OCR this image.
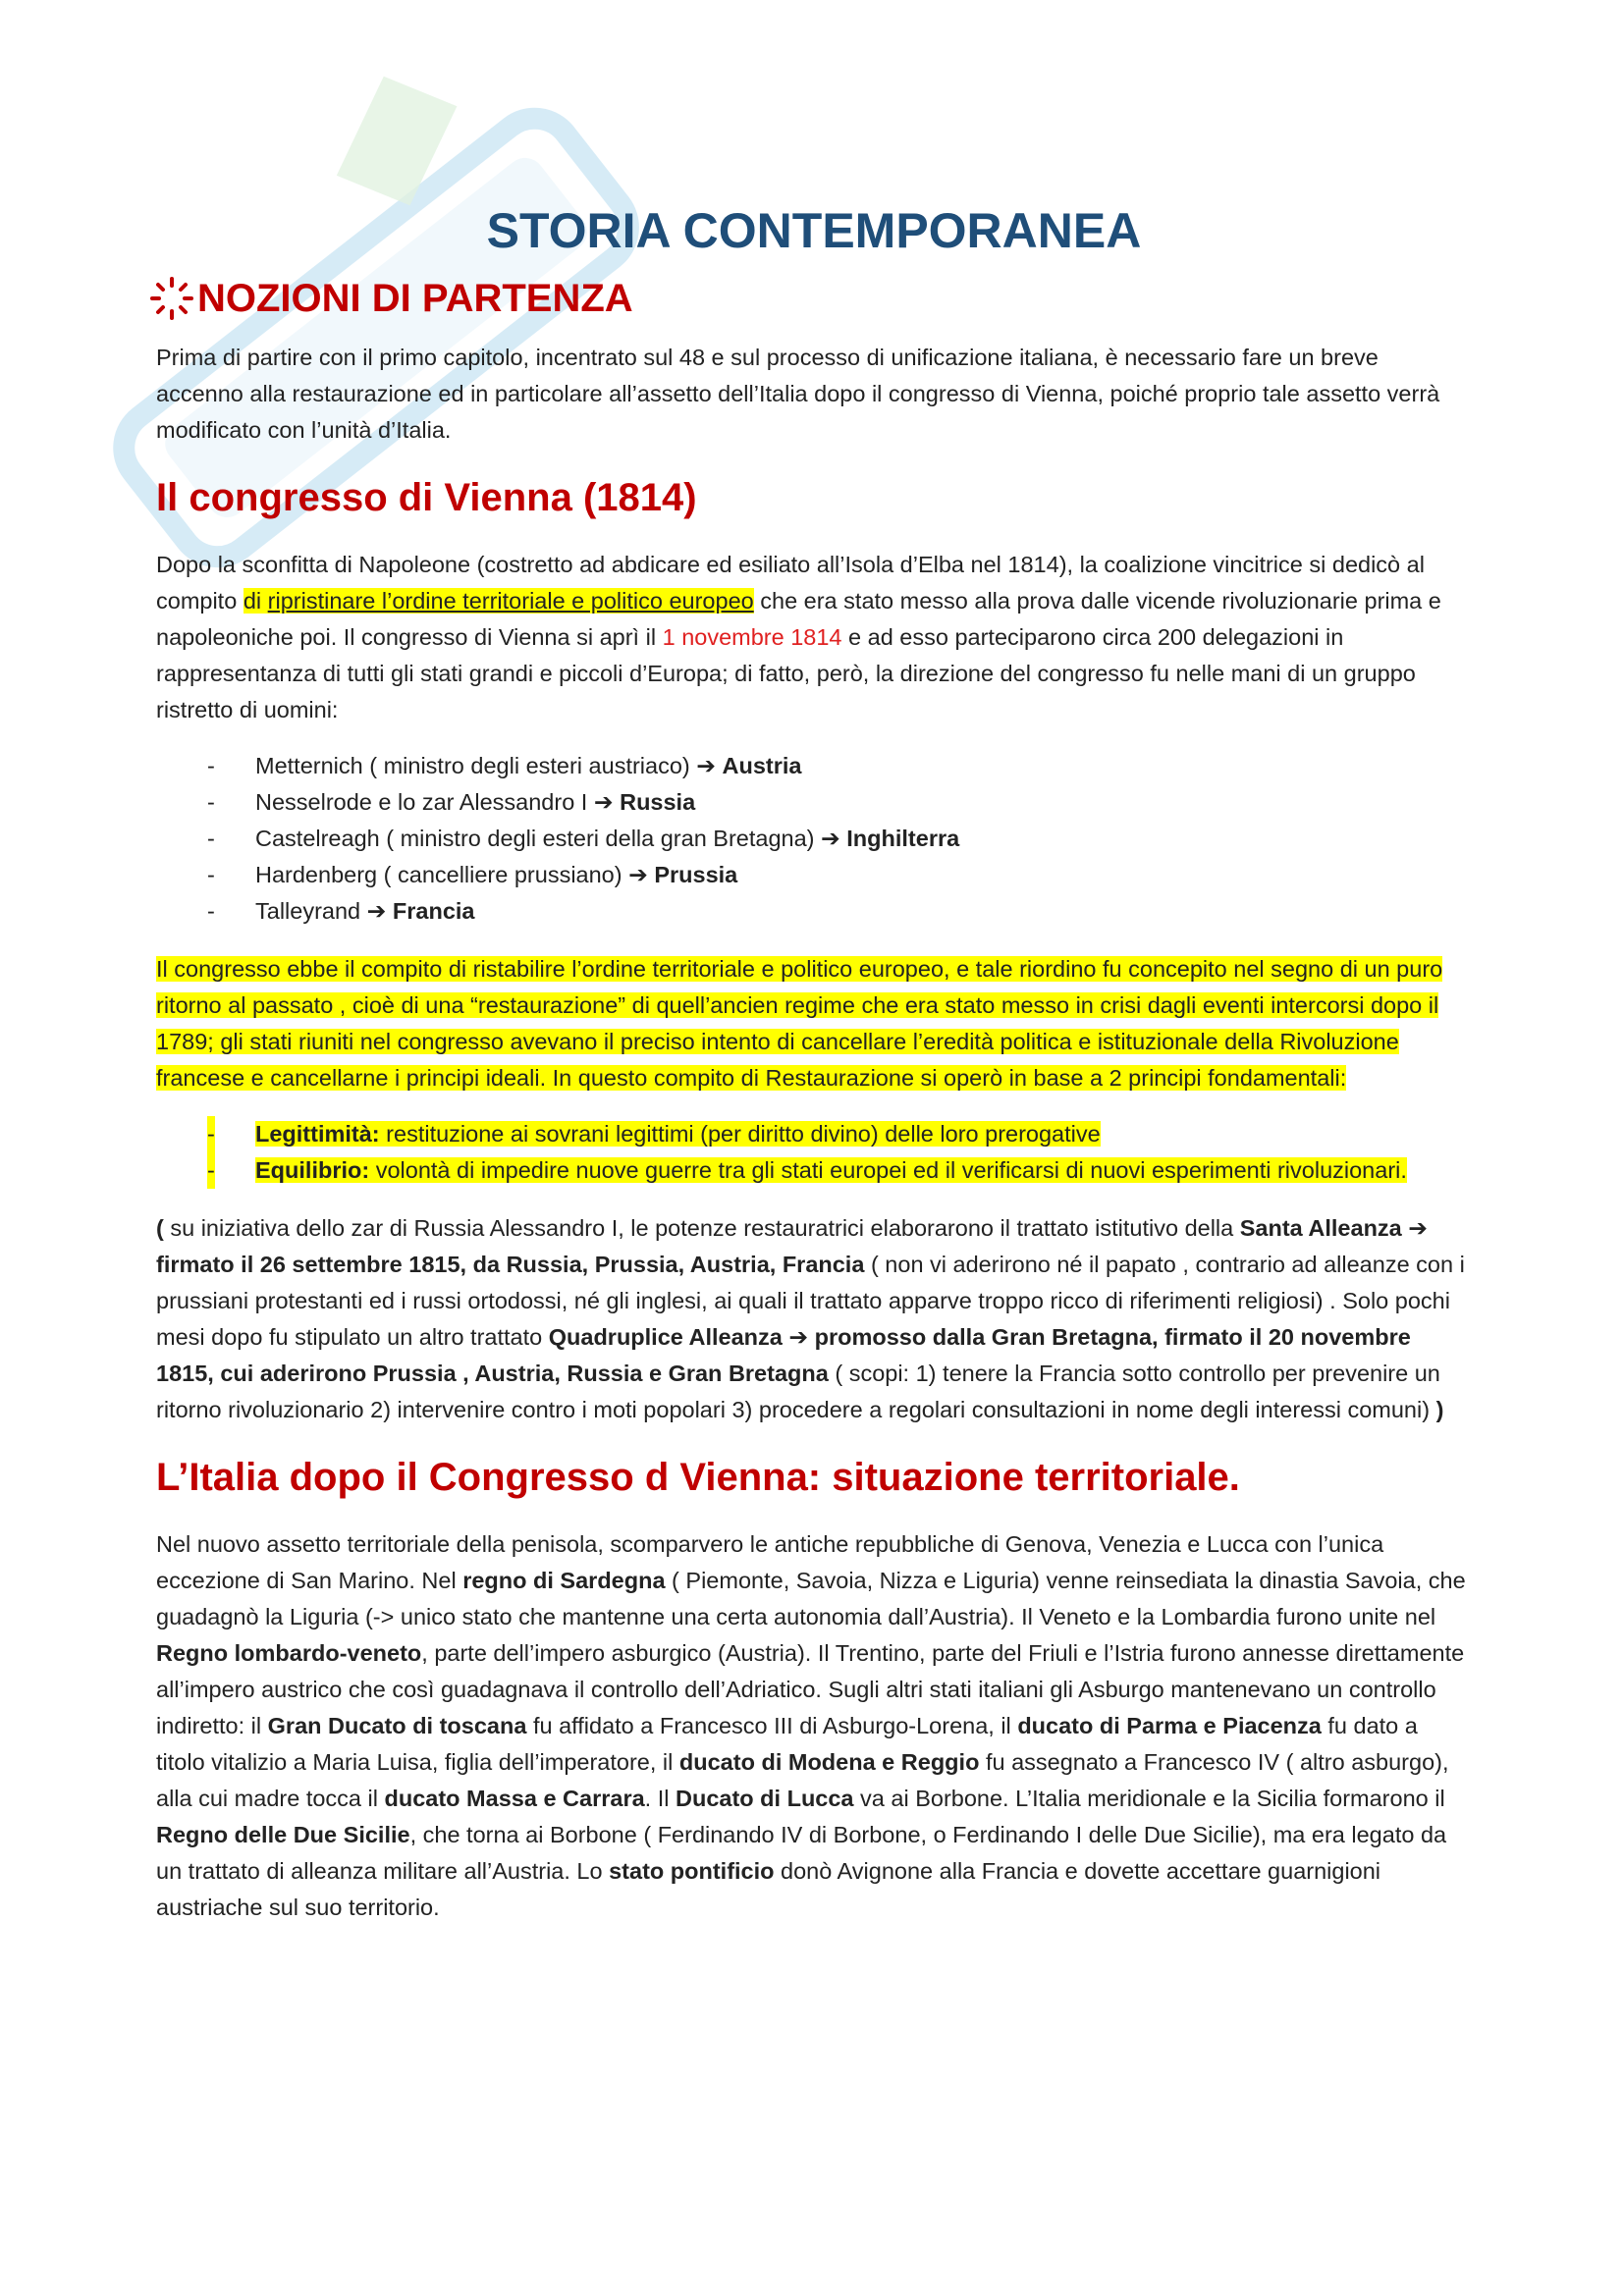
STORIA CONTEMPORANEA
NOZIONI DI PARTENZA

Prima di partire con il primo capitolo, incentrato sul 48 e sul processo di unificazione italiana, è necessario fare un breve accenno alla restaurazione ed in particolare all’assetto dell’Italia dopo il congresso di Vienna, poiché proprio tale assetto verrà modificato con l’unità d’Italia.

Il congresso di Vienna (1814)

Dopo la sconfitta di Napoleone (costretto ad abdicare ed esiliato all’Isola d’Elba nel 1814), la coalizione vincitrice si dedicò al compito di ripristinare l’ordine territoriale e politico europeo che era stato messo alla prova dalle vicende rivoluzionarie prima e napoleoniche poi. Il congresso di Vienna si aprì il 1 novembre 1814 e ad esso parteciparono circa 200 delegazioni in rappresentanza di tutti gli stati grandi e piccoli d’Europa; di fatto, però, la direzione del congresso fu nelle mani di un gruppo ristretto di uomini:

- Metternich ( ministro degli esteri austriaco) ➔ Austria
- Nesselrode e lo zar Alessandro I ➔ Russia
- Castelreagh ( ministro degli esteri della gran Bretagna) ➔ Inghilterra
- Hardenberg ( cancelliere prussiano) ➔ Prussia
- Talleyrand ➔ Francia

Il congresso ebbe il compito di ristabilire l’ordine territoriale e politico europeo, e tale riordino fu concepito nel segno di un puro ritorno al passato , cioè di una “restaurazione” di quell’ancien regime che era stato messo in crisi dagli eventi intercorsi dopo il 1789; gli stati riuniti nel congresso avevano il preciso intento di cancellare l’eredità politica e istituzionale della Rivoluzione francese e cancellarne i principi ideali. In questo compito di Restaurazione si operò in base a 2 principi fondamentali:

- Legittimità: restituzione ai sovrani legittimi (per diritto divino) delle loro prerogative
- Equilibrio: volontà di impedire nuove guerre tra gli stati europei ed il verificarsi di nuovi esperimenti rivoluzionari.

( su iniziativa dello zar di Russia Alessandro I, le potenze restauratrici elaborarono il trattato istitutivo della Santa Alleanza ➔ firmato il 26 settembre 1815, da Russia, Prussia, Austria, Francia ( non vi aderirono né il papato , contrario ad alleanze con i prussiani protestanti ed i russi ortodossi, né gli inglesi, ai quali il trattato apparve troppo ricco di riferimenti religiosi) . Solo pochi mesi dopo fu stipulato un altro trattato Quadruplice Alleanza ➔ promosso dalla Gran Bretagna, firmato il 20 novembre 1815, cui aderirono Prussia , Austria, Russia e Gran Bretagna ( scopi: 1) tenere la Francia sotto controllo per prevenire un ritorno rivoluzionario 2) intervenire contro i moti popolari 3) procedere a regolari consultazioni in nome degli interessi comuni) )

L’Italia dopo il Congresso d Vienna: situazione territoriale.

Nel nuovo assetto territoriale della penisola, scomparvero le antiche repubbliche di Genova, Venezia e Lucca con l’unica eccezione di San Marino. Nel regno di Sardegna ( Piemonte, Savoia, Nizza e Liguria) venne reinsediata la dinastia Savoia, che guadagnò la Liguria (-> unico stato che mantenne una certa autonomia dall’Austria). Il Veneto e la Lombardia furono unite nel Regno lombardo-veneto, parte dell’impero asburgico (Austria). Il Trentino, parte del Friuli e l’Istria furono annesse direttamente all’impero austrico che così guadagnava il controllo dell’Adriatico. Sugli altri stati italiani gli Asburgo mantenevano un controllo indiretto: il Gran Ducato di toscana fu affidato a Francesco III di Asburgo-Lorena, il ducato di Parma e Piacenza fu dato a titolo vitalizio a Maria Luisa, figlia dell’imperatore, il ducato di Modena e Reggio fu assegnato a Francesco IV ( altro asburgo), alla cui madre tocca il ducato Massa e Carrara. Il Ducato di Lucca va ai Borbone. L’Italia meridionale e la Sicilia formarono il Regno delle Due Sicilie, che torna ai Borbone ( Ferdinando IV di Borbone, o Ferdinando I delle Due Sicilie), ma era legato da un trattato di alleanza militare all’Austria. Lo stato pontificio donò Avignone alla Francia e dovette accettare guarnigioni austriache sul suo territorio.
